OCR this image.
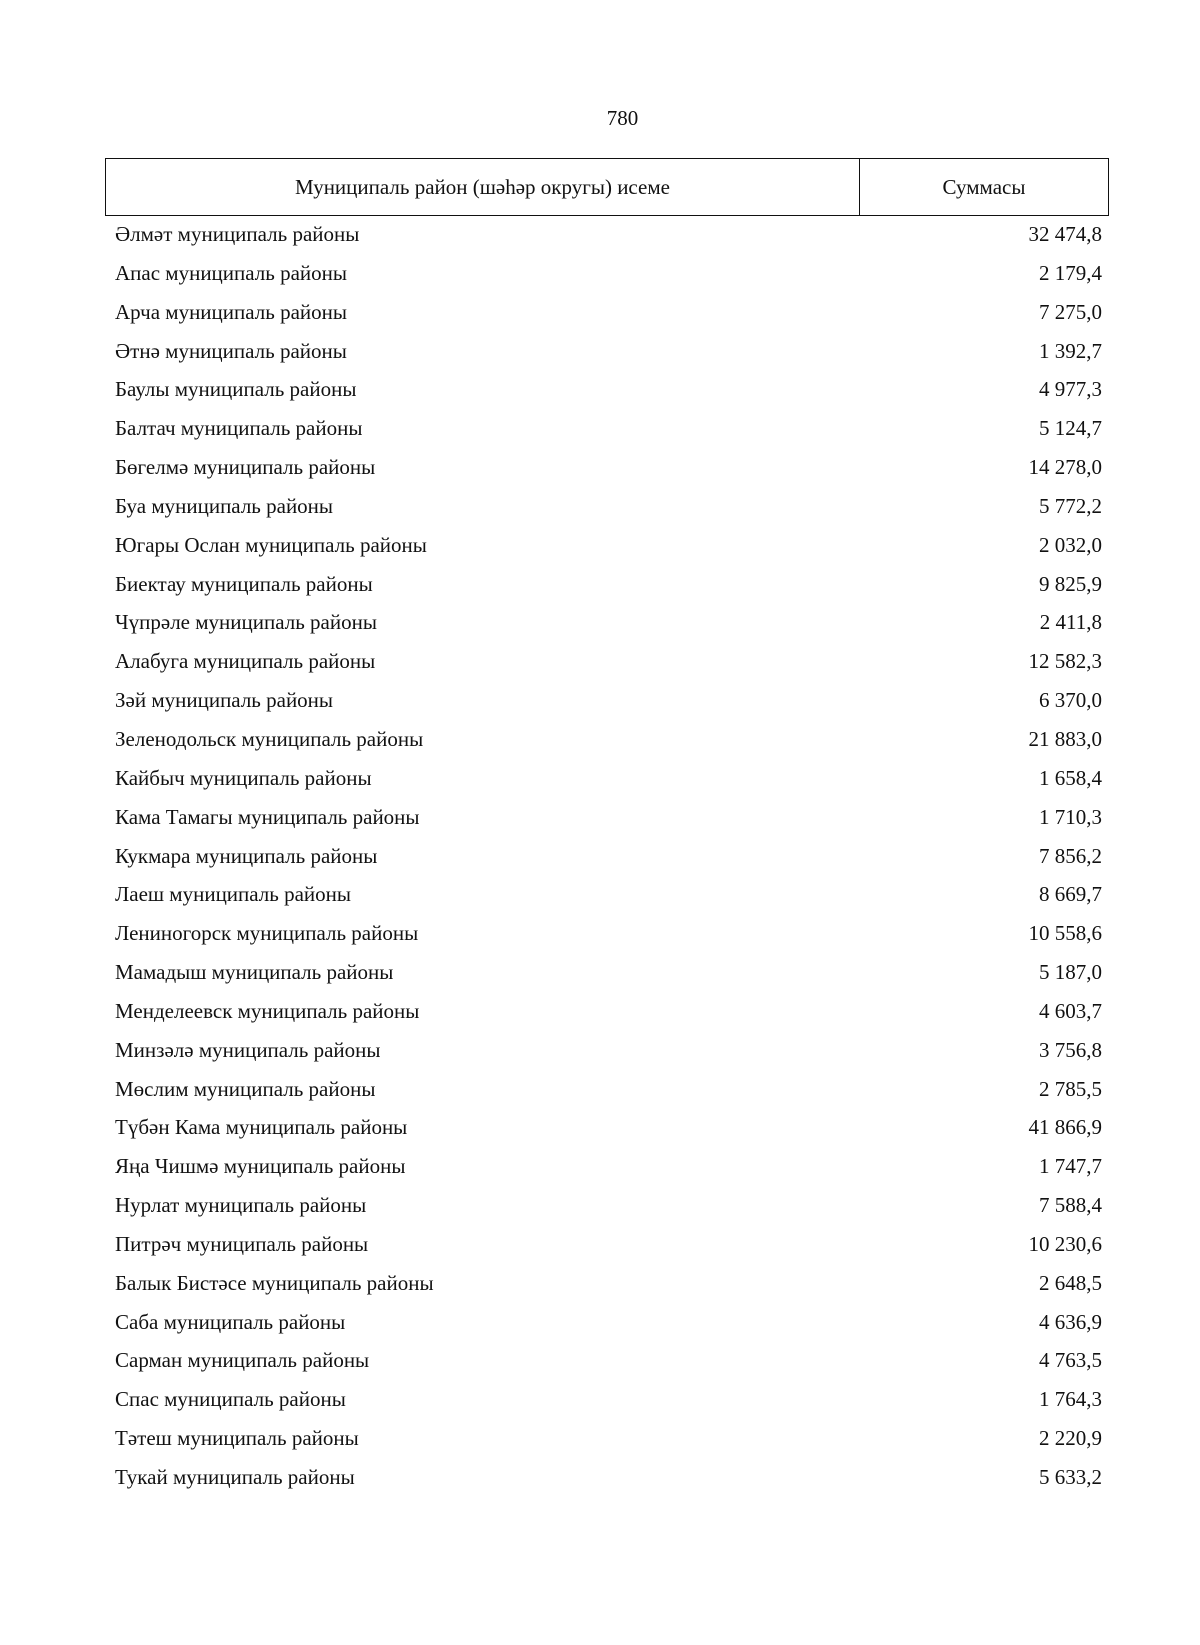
780
Муниципаль район (шәһәр округы) исеме	Суммасы
Әлмәт муниципаль районы	32 474,8
Апас муниципаль районы	2 179,4
Арча муниципаль районы	7 275,0
Әтнә муниципаль районы	1 392,7
Баулы муниципаль районы	4 977,3
Балтач муниципаль районы	5 124,7
Бөгелмә муниципаль районы	14 278,0
Буа муниципаль районы	5 772,2
Югары Ослан муниципаль районы	2 032,0
Биектау муниципаль районы	9 825,9
Чүпрәле муниципаль районы	2 411,8
Алабуга муниципаль районы	12 582,3
Зәй муниципаль районы	6 370,0
Зеленодольск муниципаль районы	21 883,0
Кайбыч муниципаль районы	1 658,4
Кама Тамагы муниципаль районы	1 710,3
Кукмара муниципаль районы	7 856,2
Лаеш муниципаль районы	8 669,7
Лениногорск муниципаль районы	10 558,6
Мамадыш муниципаль районы	5 187,0
Менделеевск муниципаль районы	4 603,7
Минзәлә муниципаль районы	3 756,8
Мөслим муниципаль районы	2 785,5
Түбән Кама муниципаль районы	41 866,9
Яңа Чишмә муниципаль районы	1 747,7
Нурлат муниципаль районы	7 588,4
Питрәч муниципаль районы	10 230,6
Балык Бистәсе муниципаль районы	2 648,5
Саба муниципаль районы	4 636,9
Сарман муниципаль районы	4 763,5
Спас муниципаль районы	1 764,3
Тәтеш муниципаль районы	2 220,9
Тукай муниципаль районы	5 633,2
